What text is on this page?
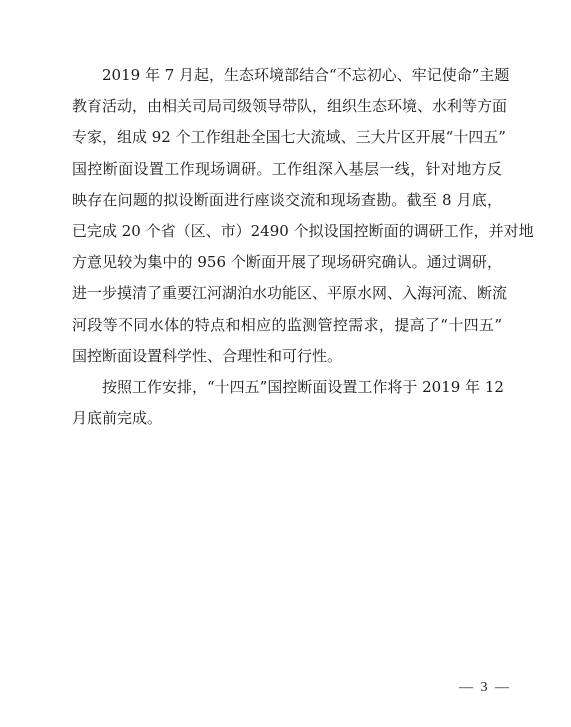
2019 年 7 月起，生态环境部结合“不忘初心、牢记使命”主题
教育活动，由相关司局司级领导带队，组织生态环境、水利等方面
专家，组成 92 个工作组赴全国七大流域、三大片区开展“十四五”
国控断面设置工作现场调研。工作组深入基层一线，针对地方反
映存在问题的拟设断面进行座谈交流和现场查勘。截至 8 月底，
已完成 20 个省（区、市）2490 个拟设国控断面的调研工作，并对地
方意见较为集中的 956 个断面开展了现场研究确认。通过调研，
进一步摸清了重要江河湖泊水功能区、平原水网、入海河流、断流
河段等不同水体的特点和相应的监测管控需求，提高了“十四五”
国控断面设置科学性、合理性和可行性。
按照工作安排，“十四五”国控断面设置工作将于 2019 年 12
月底前完成。
— 3 —
